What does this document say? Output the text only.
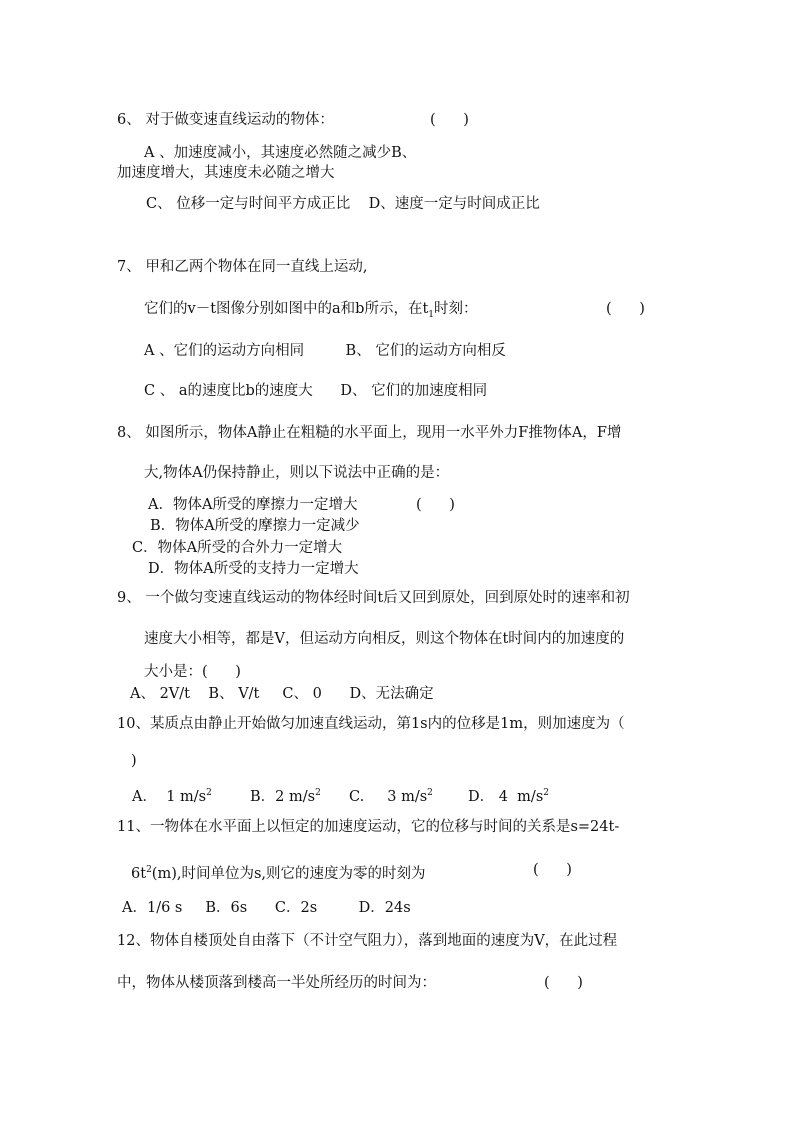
6、 对于做变速直线运动的物体：	(      )
A 、加速度减小，其速度必然随之减少B、
加速度增大，其速度未必随之增大
C、 位移一定与时间平方成正比    D、速度一定与时间成正比
7、 甲和乙两个物体在同一直线上运动,
它们的v－t图像分别如图中的a和b所示，在$t_1$时刻：	(      )
A 、它们的运动方向相同         B、 它们的运动方向相反
C 、 a的速度比b的速度大      D、 它们的加速度相同
8、 如图所示，物体A静止在粗糙的水平面上，现用一水平外力F推物体A，F增
大,物体A仍保持静止，则以下说法中正确的是：
A．物体A所受的摩擦力一定增大	(      )
B．物体A所受的摩擦力一定减少
C．物体A所受的合外力一定增大
D．物体A所受的支持力一定增大
9、 一个做匀变速直线运动的物体经时间t后又回到原处，回到原处时的速率和初
速度大小相等，都是V，但运动方向相反，则这个物体在t时间内的加速度的
大小是：(      )
A、 2V/t    B、 V/t     C、 0      D、无法确定
10、某质点由静止开始做匀加速直线运动，第1s内的位移是1m，则加速度为（
)
A．  1 $m/s^2$	B．2 $m/s^2$ C.     3 $m/s^2$ D． 4  $m/s^2$
11、一物体在水平面上以恒定的加速度运动，它的位移与时间的关系是s=24t-
$6t^2(m)$,时间单位为s,则它的速度为零的时刻为	(      )
A．1/6 s     B．6s      C．2s         D．24s
12、物体自楼顶处自由落下（不计空气阻力），落到地面的速度为V，在此过程
中，物体从楼顶落到楼高一半处所经历的时间为：	(      )
